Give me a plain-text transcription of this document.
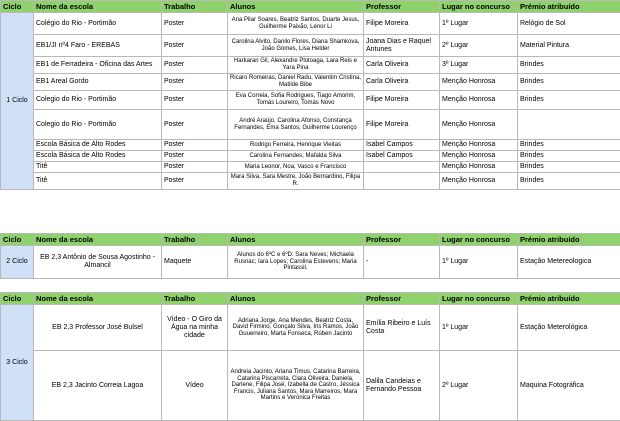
Ciclo	Nome da escola	Trabalho	Alunos	Professor	Lugar no concurso	Prémio atribuído
1 Ciclo	Colégio do Rio - Portimão	Poster	Ana Pilar Soares, Beatriz Santos, Duarte Jesus, Guilherme Paixão, Lenor Li	Filipe Moreira	1º Lugar	Relógio de Sol
	EB1/JI nº4 Faro - EREBAS	Poster	Carolina Alvito, Danilo Flores, Diana Shamkova, João Gomes, Lisa Helder	Joana Dias e Raquel Antunes	2º Lugar	Material Pintura
	EB1 de Ferradeira - Oficina das Artes	Poster	Harkaran Gil, Alexandre Plotoaga, Lara Reis e Yara Pina	Carla Oliveira	3º Lugar	Brindes
	EB1 Areal Gordo	Poster	Ricaro Romeiras, Daniel Radu, Valentim Cristina, Matilde Bibe	Carla Oliveira	Menção Honrosa	Brindes
	Colegio do Rio - Portimão	Poster	Eva Correia, Sofia Rodrigues, Tiago Amorim, Tomás Loureiro, Tomás Novo	Filipe Moreira	Menção Honrosa	Brindes
	Colegio do Rio - Portimão	Poster	André Araújo, Carolina Afonso, Constança Fernandes, Ema Santos, Guilherme Lourenço	Filipe Moreira	Menção Honrosa	
	Escola Básica de Alto Rodes	Poster	Rodrigo Ferreira, Henrique Vieitas	Isabel Campos	Menção Honrosa	Brindes
	Escola Básica de Alto Rodes	Poster	Carolina Fernandes, Mafalda Silva	Isabel Campos	Menção Honrosa	Brindes
	Titê	Poster	Maria Leonor, Noa, Vasco e Francisco		Menção Honrosa	Brindes
	Titê	Poster	Mara Silva, Sara Mestre, João Bernardino, Filipa R.		Menção Honrosa	Brindes
Ciclo	Nome da escola	Trabalho	Alunos	Professor	Lugar no concurso	Prémio atribuído
2 Ciclo	EB 2,3 Antônio de Sousa Agostinho - Almancil	Maquete	Alunos do 6ºC e 6ºD: Sara Neves; Michaela Rusnac; Iara Lopes; Carolina Estevens; Maria Pintassil.	-	1º Lugar	Estação Metereologica
Ciclo	Nome da escola	Trabalho	Alunos	Professor	Lugar no concurso	Prémio atribuído
3 Ciclo	EB 2,3 Professor José Bulsel	Vídeo - O Giro da Água na minha cidade	Adriana Jorge, Ana Mendes, Beatriz Costa, David Firmino, Gonçalo Silva, Iris Ramos, João Guuerreiro, Marta Fonseca, Rúben Jacinto	Emília Ribeiro e Luís Costa	1º Lugar	Estação Meterológica
	EB 2,3 Jacinto Correia Lagoa	Vídeo	Andreia Jacinto, Ariana Timus, Catarina Barreira, Catarina Piscarreta, Clara Oliveira, Daniela, Darlene, Filipa José, Izabella de Castro, Jéssica Francis, Juliana Santos, Mara Marreiros, Mara Martins e Verónica Freitas	Dalila Candeias e Fernando Pessoa	2º Lugar	Maquina Fotográfica
